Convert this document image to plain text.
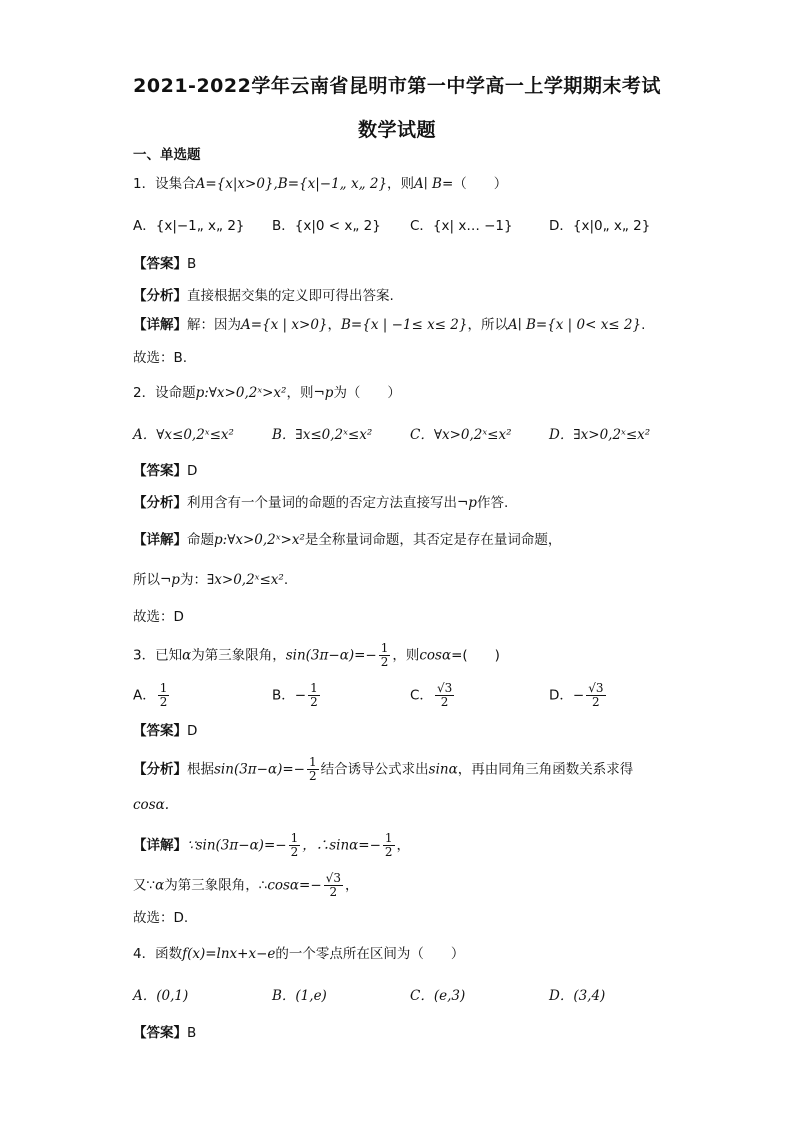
2021-2022学年云南省昆明市第一中学高一上学期期末考试
数学试题
一、单选题
1．设集合A={x|x>0},B={x|−1„ x„ 2}，则A∣ B=（　　）
A．{x|−1„ x„ 2} B．{x|0 < x„ 2} C．{x| x… −1}	D．{x|0„ x„ 2}
【答案】B
【分析】直接根据交集的定义即可得出答案.
【详解】解：因为A={x | x>0}，B={x | −1≤ x≤ 2}，所以A∣ B={x | 0< x≤ 2}.
故选：B.
2．设命题p:∀x>0,2ˣ>x²，则¬p为（　　）
A．∀x≤0,2ˣ≤x²	B．∃x≤0,2ˣ≤x²	C．∀x>0,2ˣ≤x²	D．∃x>0,2ˣ≤x²
【答案】D
【分析】利用含有一个量词的命题的否定方法直接写出¬p作答.
【详解】命题p:∀x>0,2ˣ>x²是全称量词命题，其否定是存在量词命题，
所以¬p为：∃x>0,2ˣ≤x².
故选：D
3．已知α为第三象限角，$\sin(3\pi-\alpha)=- \frac{1}{2}$ ，则cosα=(　　)
A． $\frac{1}{2}$	B．− $\frac{1}{2}$	C． $\frac{√3}{2}$	D．− $\frac{√3}{2}$
【答案】D
【分析】根据$\sin(3\pi-\alpha)=- \frac{1}{2}$ 结合诱导公式求出sinα，再由同角三角函数关系求得
cosα.
【详解】∵sin(3π−α)=− $\frac{1}{2}$ ，∴sinα=− $\frac{1}{2}$ ，
又∵α为第三象限角，∴cosα=− $\frac{√3}{2}$ ，
故选：D.
4．函数f(x)=lnx+x−e的一个零点所在区间为（　　）
A．(0,1)	B．(1,e)	C．(e,3)	D．(3,4)
【答案】B
